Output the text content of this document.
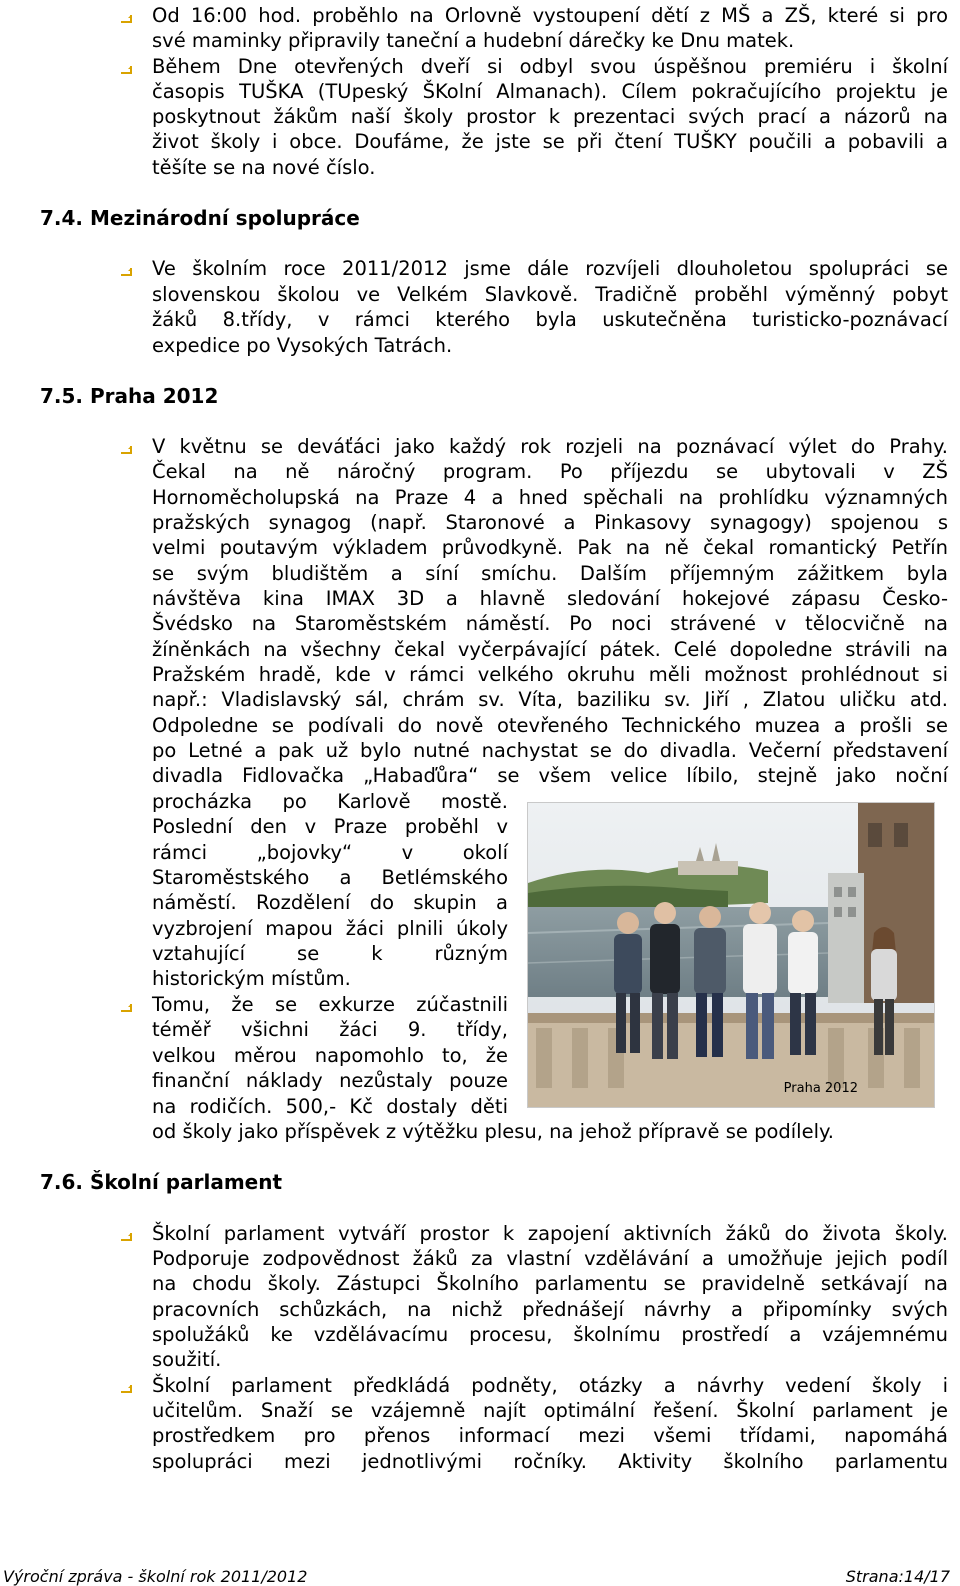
Od 16:00 hod. proběhlo na Orlovně vystoupení dětí z MŠ a ZŠ, které si pro
své maminky připravily taneční a hudební dárečky ke Dnu matek.
Během Dne otevřených dveří si odbyl svou úspěšnou premiéru i školní
časopis TUŠKA (TUpeský ŠKolní Almanach). Cílem pokračujícího projektu je
poskytnout žákům naší školy prostor k prezentaci svých prací a názorů na
život školy i obce. Doufáme, že jste se při čtení TUŠKY poučili a pobavili a
těšíte se na nové číslo.
7.4. Mezinárodní spolupráce
Ve školním roce 2011/2012 jsme dále rozvíjeli dlouholetou spolupráci se
slovenskou školou ve Velkém Slavkově. Tradičně proběhl výměnný pobyt
žáků 8.třídy, v rámci kterého byla uskutečněna turisticko-poznávací
expedice po Vysokých Tatrách.
7.5. Praha 2012
V květnu se deváťáci jako každý rok rozjeli na poznávací výlet do Prahy.
Čekal na ně náročný program. Po příjezdu se ubytovali v ZŠ
Hornoměcholupská na Praze 4 a hned spěchali na prohlídku významných
pražských synagog (např. Staronové a Pinkasovy synagogy) spojenou s
velmi poutavým výkladem průvodkyně. Pak na ně čekal romantický Petřín
se svým bludištěm a síní smíchu. Dalším příjemným zážitkem byla
návštěva kina IMAX 3D a hlavně sledování hokejové zápasu Česko-
Švédsko na Staroměstském náměstí. Po noci strávené v tělocvičně na
žíněnkách na všechny čekal vyčerpávající pátek. Celé dopoledne strávili na
Pražském hradě, kde v rámci velkého okruhu měli možnost prohlédnout si
např.: Vladislavský sál, chrám sv. Víta, baziliku sv. Jiří , Zlatou uličku atd.
Odpoledne se podívali do nově otevřeného Technického muzea a prošli se
po Letné a pak už bylo nutné nachystat se do divadla. Večerní představení
divadla Fidlovačka „Habaďůra“ se všem velice líbilo, stejně jako noční
procházka po Karlově mostě.
Poslední den v Praze proběhl v
rámci „bojovky“ v okolí
Staroměstského a Betlémského
náměstí. Rozdělení do skupin a
vyzbrojení mapou žáci plnili úkoly
vztahující se k různým
historickým místům.
Tomu, že se exkurze zúčastnili
téměř všichni žáci 9. třídy,
velkou měrou napomohlo to, že
finanční náklady nezůstaly pouze
na rodičích. 500,- Kč dostaly děti
od školy jako příspěvek z výtěžku plesu, na jehož přípravě se podílely.
Praha 2012
7.6. Školní parlament
Školní parlament vytváří prostor k zapojení aktivních žáků do života školy.
Podporuje zodpovědnost žáků za vlastní vzdělávání a umožňuje jejich podíl
na chodu školy. Zástupci Školního parlamentu se pravidelně setkávají na
pracovních schůzkách, na nichž přednášejí návrhy a připomínky svých
spolužáků ke vzdělávacímu procesu, školnímu prostředí a vzájemnému
soužití.
Školní parlament předkládá podněty, otázky a návrhy vedení školy i
učitelům. Snaží se vzájemně najít optimální řešení. Školní parlament je
prostředkem pro přenos informací mezi všemi třídami, napomáhá
spolupráci mezi jednotlivými ročníky. Aktivity školního parlamentu
Výroční zpráva - školní rok 2011/2012	Strana:14/17
